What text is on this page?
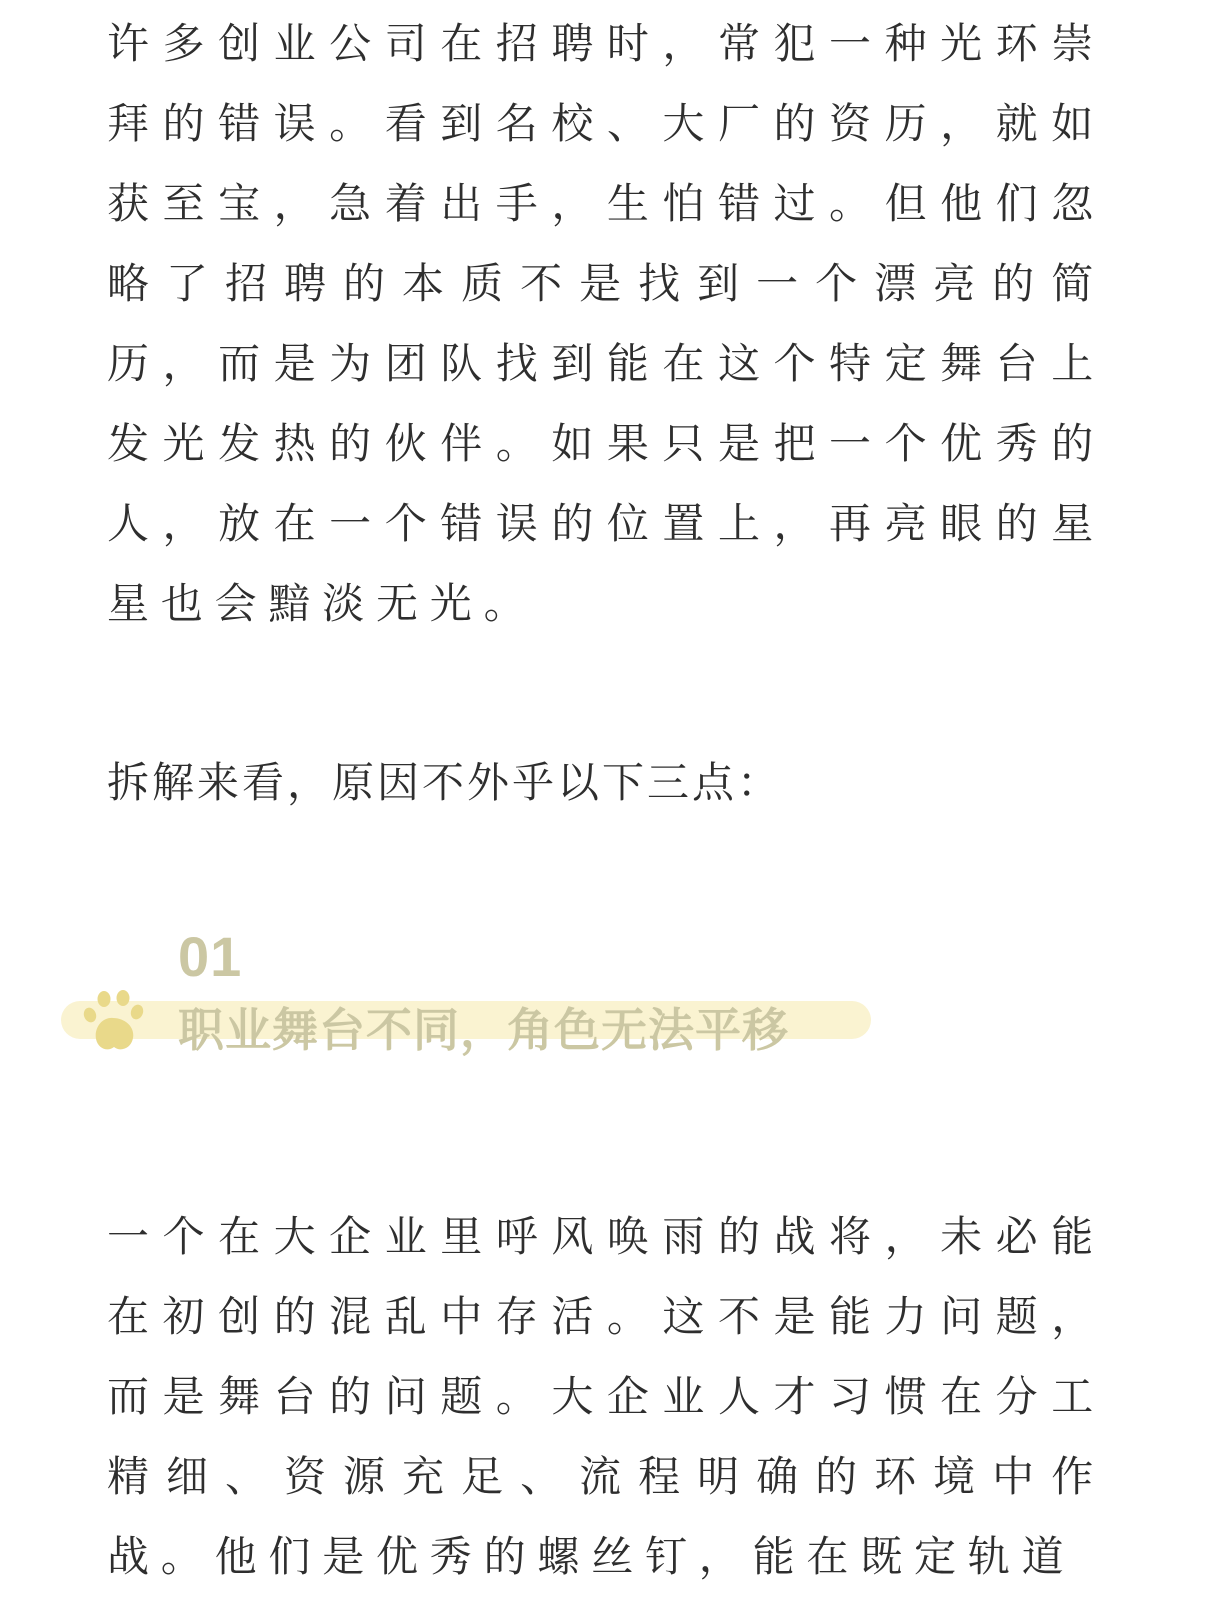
许多创业公司在招聘时，常犯一种光环崇拜的错误。看到名校、大厂的资历，就如获至宝，急着出手，生怕错过。但他们忽略了招聘的本质不是找到一个漂亮的简历，而是为团队找到能在这个特定舞台上发光发热的伙伴。如果只是把一个优秀的人，放在一个错误的位置上，再亮眼的星星也会黯淡无光。

拆解来看，原因不外乎以下三点：

01
职业舞台不同，角色无法平移

一个在大企业里呼风唤雨的战将，未必能在初创的混乱中存活。这不是能力问题，而是舞台的问题。大企业人才习惯在分工精细、资源充足、流程明确的环境中作战。他们是优秀的螺丝钉，能在既定轨道
